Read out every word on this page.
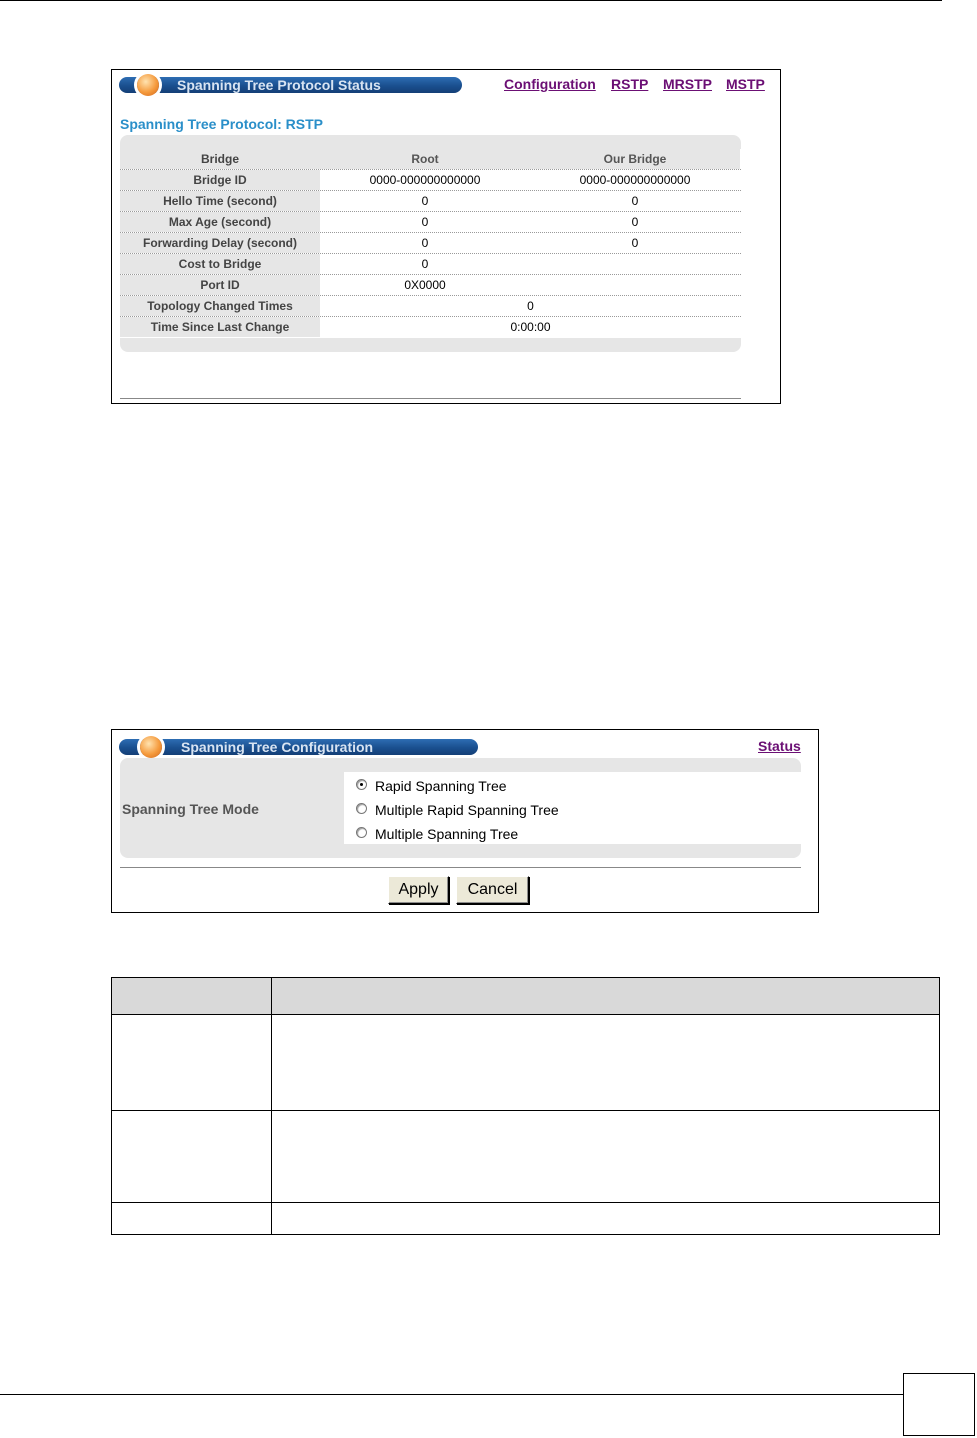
Spanning Tree Protocol Status	Configuration RSTP MRSTP MSTP
Spanning Tree Protocol: RSTP
Bridge	Root	Our Bridge
Bridge ID	0000-000000000000	0000-000000000000
Hello Time (second)	0	0
Max Age (second)	0	0
Forwarding Delay (second)	0	0
Cost to Bridge	0
Port ID	0X0000
Topology Changed Times	0
Time Since Last Change	0:00:00
Spanning Tree Configuration	Status
Spanning Tree Mode
Rapid Spanning Tree
Multiple Rapid Spanning Tree
Multiple Spanning Tree
Apply	Cancel
